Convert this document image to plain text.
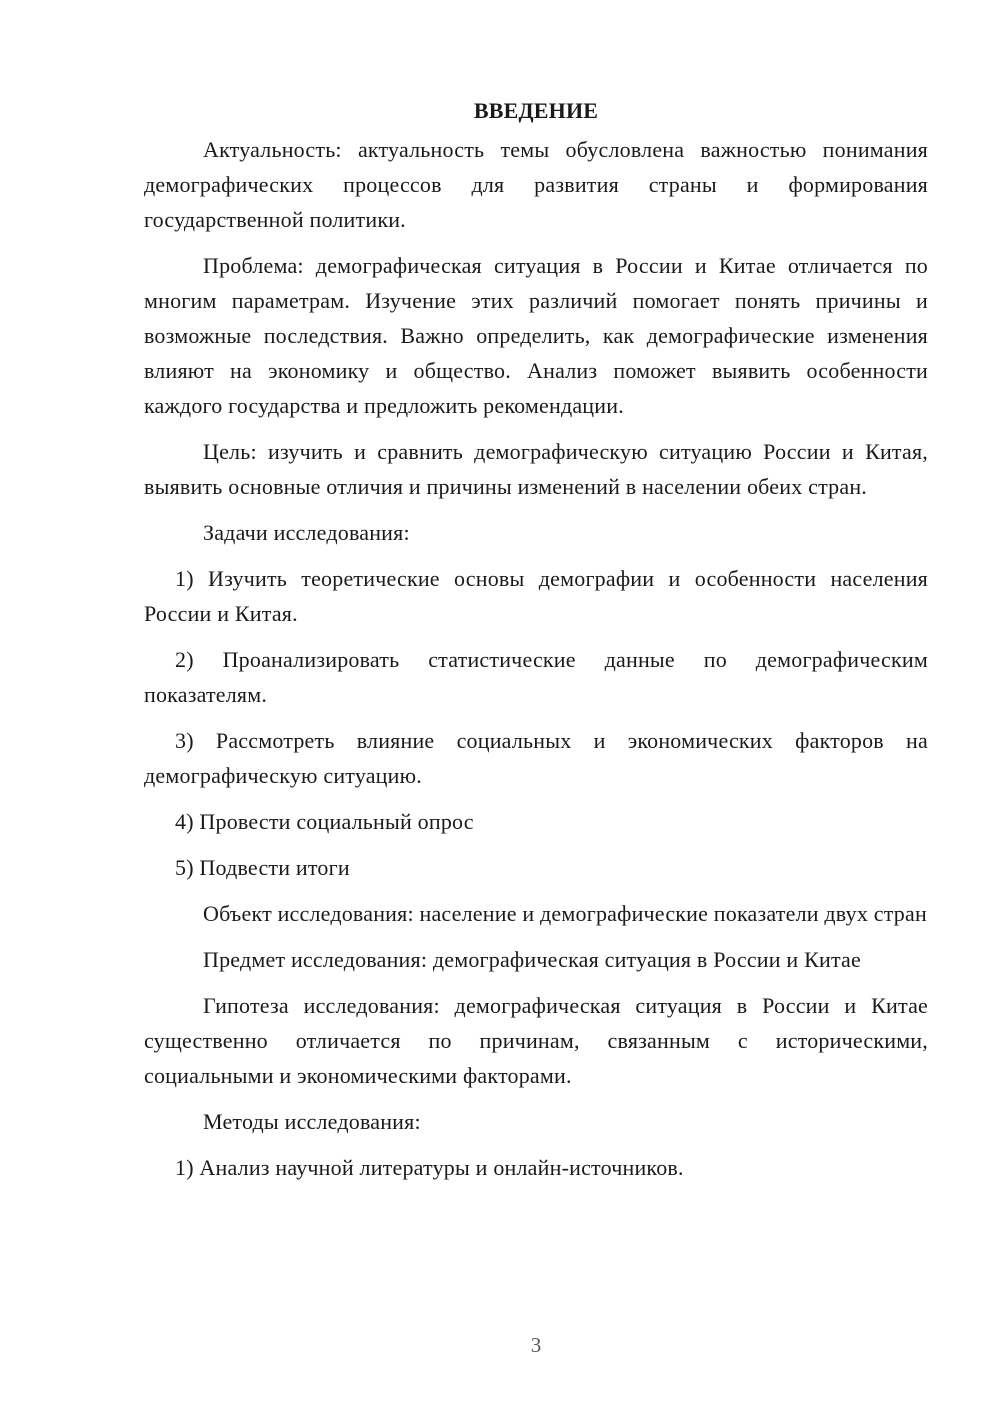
ВВЕДЕНИЕ

Актуальность: актуальность темы обусловлена важностью понимания демографических процессов для развития страны и формирования государственной политики.

Проблема: демографическая ситуация в России и Китае отличается по многим параметрам. Изучение этих различий помогает понять причины и возможные последствия. Важно определить, как демографические изменения влияют на экономику и общество. Анализ поможет выявить особенности каждого государства и предложить рекомендации.

Цель: изучить и сравнить демографическую ситуацию России и Китая, выявить основные отличия и причины изменений в населении обеих стран.

Задачи исследования:

1) Изучить теоретические основы демографии и особенности населения России и Китая.

2) Проанализировать статистические данные по демографическим показателям.

3) Рассмотреть влияние социальных и экономических факторов на демографическую ситуацию.

4) Провести социальный опрос

5) Подвести итоги

Объект исследования: население и демографические показатели двух стран

Предмет исследования: демографическая ситуация в России и Китае

Гипотеза исследования: демографическая ситуация в России и Китае существенно отличается по причинам, связанным с историческими, социальными и экономическими факторами.

Методы исследования:

1) Анализ научной литературы и онлайн-источников.

3
